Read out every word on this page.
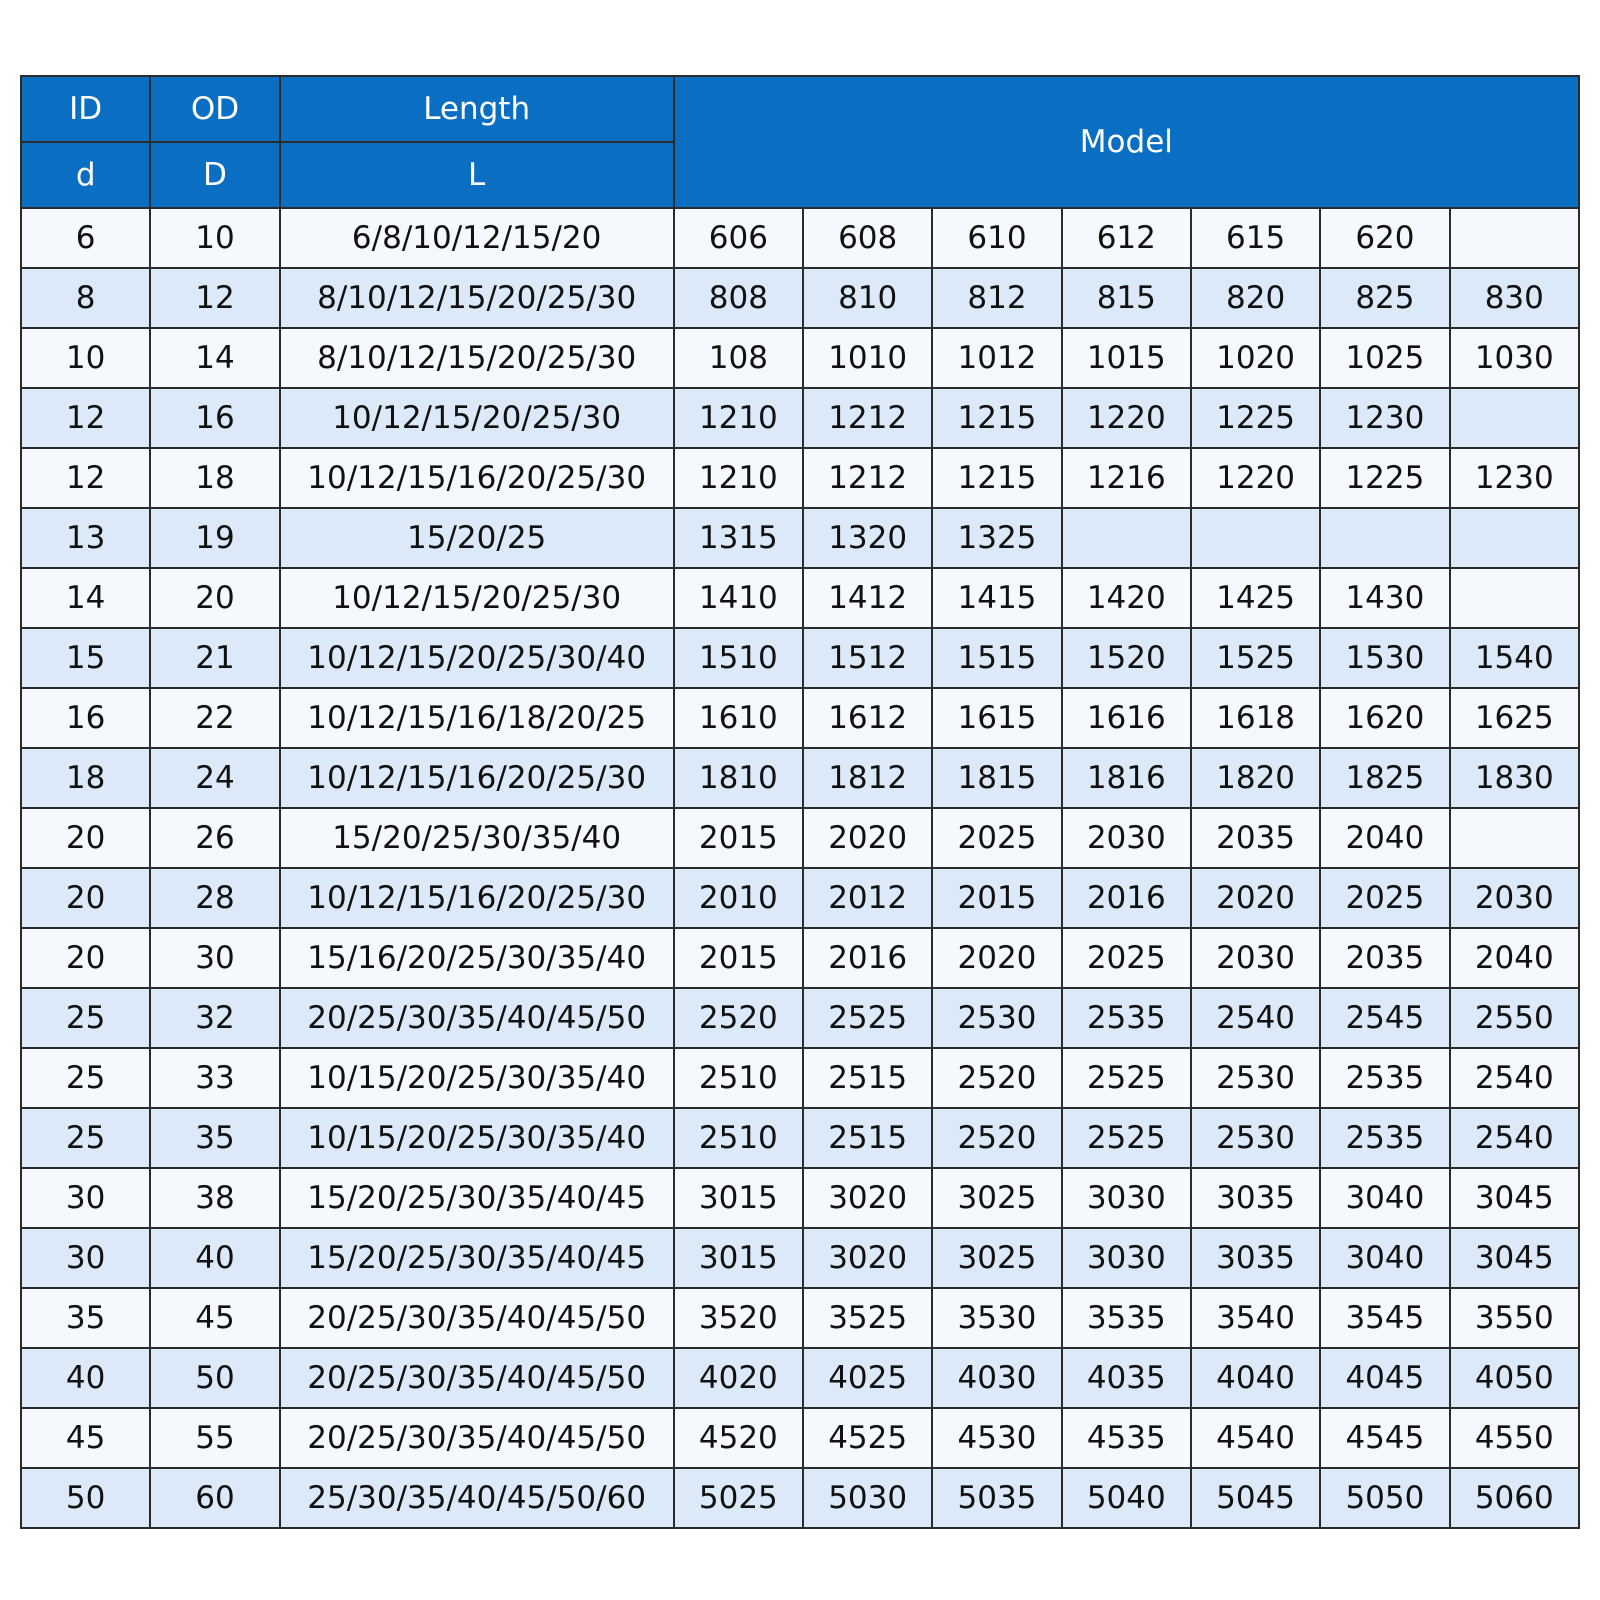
ID	OD	Length	Model						
d	D	L							
6	10	6/8/10/12/15/20	606	608	610	612	615	620	
8	12	8/10/12/15/20/25/30	808	810	812	815	820	825	830
10	14	8/10/12/15/20/25/30	108	1010	1012	1015	1020	1025	1030
12	16	10/12/15/20/25/30	1210	1212	1215	1220	1225	1230	
12	18	10/12/15/16/20/25/30	1210	1212	1215	1216	1220	1225	1230
13	19	15/20/25	1315	1320	1325				
14	20	10/12/15/20/25/30	1410	1412	1415	1420	1425	1430	
15	21	10/12/15/20/25/30/40	1510	1512	1515	1520	1525	1530	1540
16	22	10/12/15/16/18/20/25	1610	1612	1615	1616	1618	1620	1625
18	24	10/12/15/16/20/25/30	1810	1812	1815	1816	1820	1825	1830
20	26	15/20/25/30/35/40	2015	2020	2025	2030	2035	2040	
20	28	10/12/15/16/20/25/30	2010	2012	2015	2016	2020	2025	2030
20	30	15/16/20/25/30/35/40	2015	2016	2020	2025	2030	2035	2040
25	32	20/25/30/35/40/45/50	2520	2525	2530	2535	2540	2545	2550
25	33	10/15/20/25/30/35/40	2510	2515	2520	2525	2530	2535	2540
25	35	10/15/20/25/30/35/40	2510	2515	2520	2525	2530	2535	2540
30	38	15/20/25/30/35/40/45	3015	3020	3025	3030	3035	3040	3045
30	40	15/20/25/30/35/40/45	3015	3020	3025	3030	3035	3040	3045
35	45	20/25/30/35/40/45/50	3520	3525	3530	3535	3540	3545	3550
40	50	20/25/30/35/40/45/50	4020	4025	4030	4035	4040	4045	4050
45	55	20/25/30/35/40/45/50	4520	4525	4530	4535	4540	4545	4550
50	60	25/30/35/40/45/50/60	5025	5030	5035	5040	5045	5050	5060
